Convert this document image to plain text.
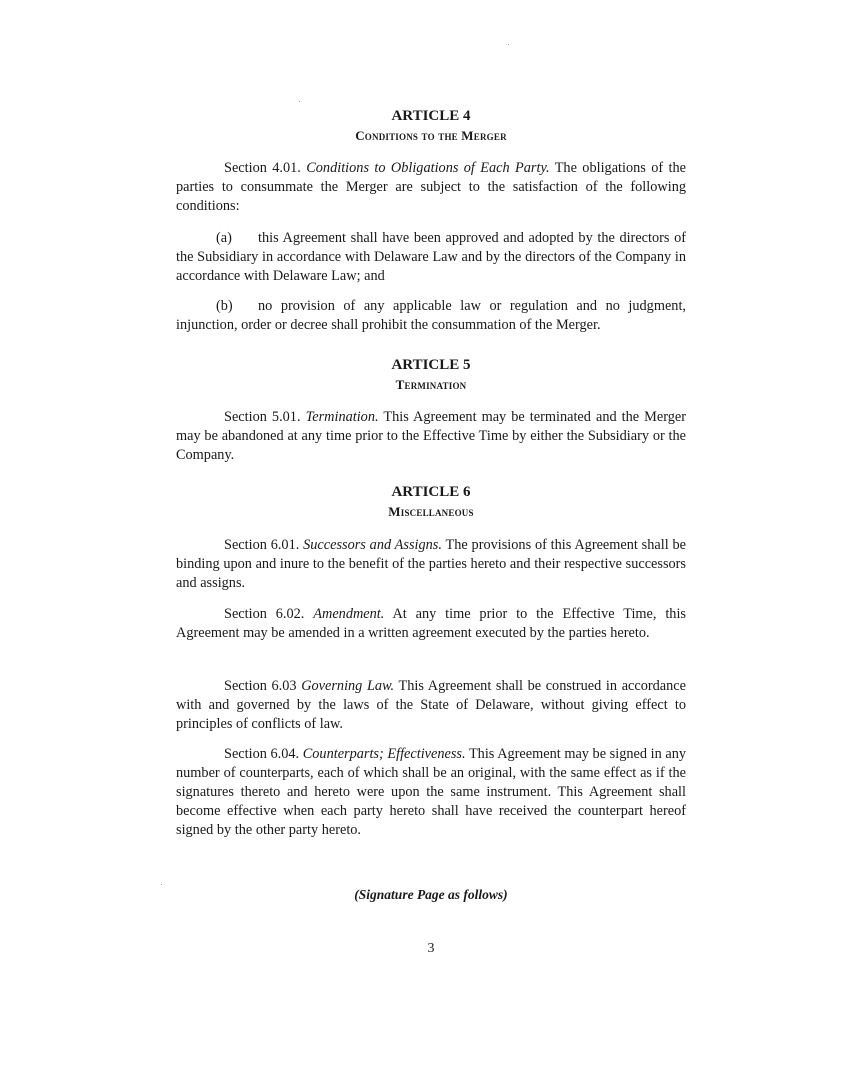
ARTICLE 4
Conditions to the Merger
Section 4.01. Conditions to Obligations of Each Party. The obligations of the parties to consummate the Merger are subject to the satisfaction of the following conditions:
(a) this Agreement shall have been approved and adopted by the directors of the Subsidiary in accordance with Delaware Law and by the directors of the Company in accordance with Delaware Law; and
(b) no provision of any applicable law or regulation and no judgment, injunction, order or decree shall prohibit the consummation of the Merger.
ARTICLE 5
Termination
Section 5.01. Termination. This Agreement may be terminated and the Merger may be abandoned at any time prior to the Effective Time by either the Subsidiary or the Company.
ARTICLE 6
Miscellaneous
Section 6.01. Successors and Assigns. The provisions of this Agreement shall be binding upon and inure to the benefit of the parties hereto and their respective successors and assigns.
Section 6.02. Amendment. At any time prior to the Effective Time, this Agreement may be amended in a written agreement executed by the parties hereto.
Section 6.03 Governing Law. This Agreement shall be construed in accordance with and governed by the laws of the State of Delaware, without giving effect to principles of conflicts of law.
Section 6.04. Counterparts; Effectiveness. This Agreement may be signed in any number of counterparts, each of which shall be an original, with the same effect as if the signatures thereto and hereto were upon the same instrument. This Agreement shall become effective when each party hereto shall have received the counterpart hereof signed by the other party hereto.
(Signature Page as follows)
3
